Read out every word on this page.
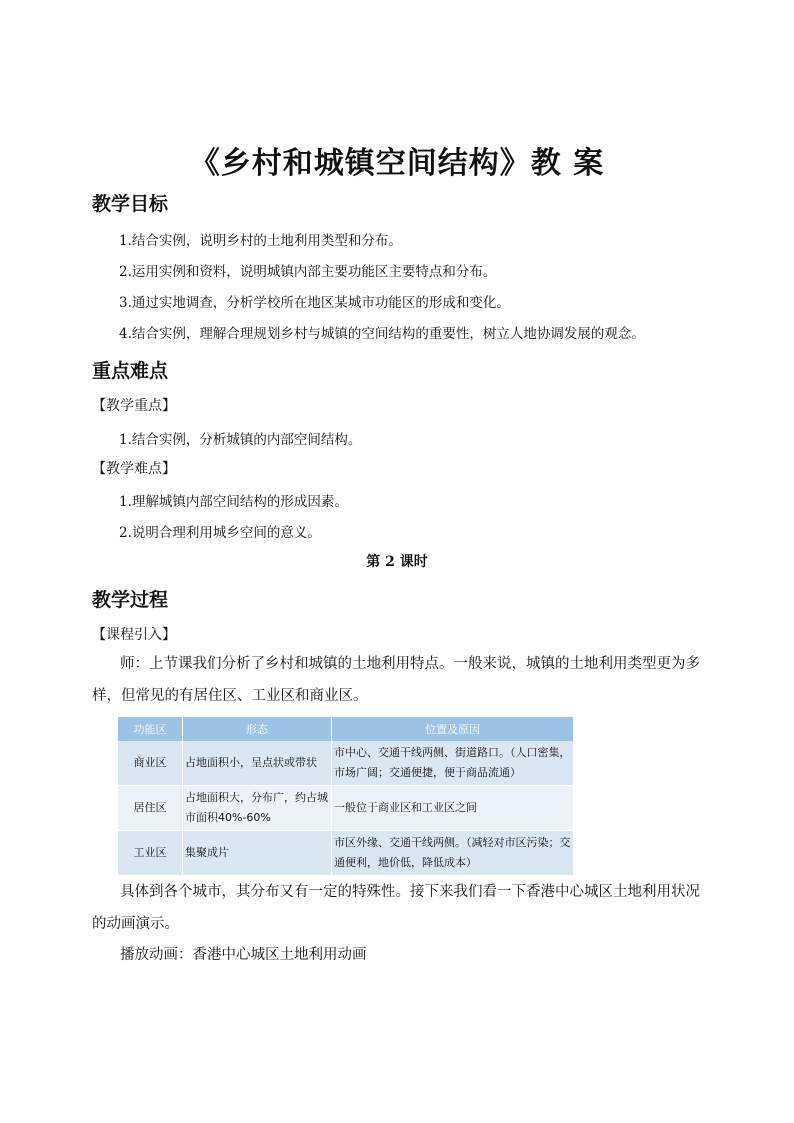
《乡村和城镇空间结构》教 案
教学目标
1.结合实例，说明乡村的土地利用类型和分布。
2.运用实例和资料，说明城镇内部主要功能区主要特点和分布。
3.通过实地调查，分析学校所在地区某城市功能区的形成和变化。
4.结合实例，理解合理规划乡村与城镇的空间结构的重要性，树立人地协调发展的观念。
重点难点
【教学重点】
1.结合实例，分析城镇的内部空间结构。
【教学难点】
1.理解城镇内部空间结构的形成因素。
2.说明合理利用城乡空间的意义。
第 2 课时
教学过程
【课程引入】
师：上节课我们分析了乡村和城镇的土地利用特点。一般来说，城镇的土地利用类型更为多样，但常见的有居住区、工业区和商业区。
功能区	形态	位置及原因
商业区	占地面积小，呈点状或带状	市中心、交通干线两侧、街道路口。（人口密集，市场广阔；交通便捷，便于商品流通）
居住区	占地面积大，分布广，约占城市面积40%-60%	一般位于商业区和工业区之间
工业区	集聚成片	市区外缘、交通干线两侧。（减轻对市区污染；交通便利，地价低，降低成本）
具体到各个城市，其分布又有一定的特殊性。接下来我们看一下香港中心城区土地利用状况的动画演示。
播放动画：香港中心城区土地利用动画
